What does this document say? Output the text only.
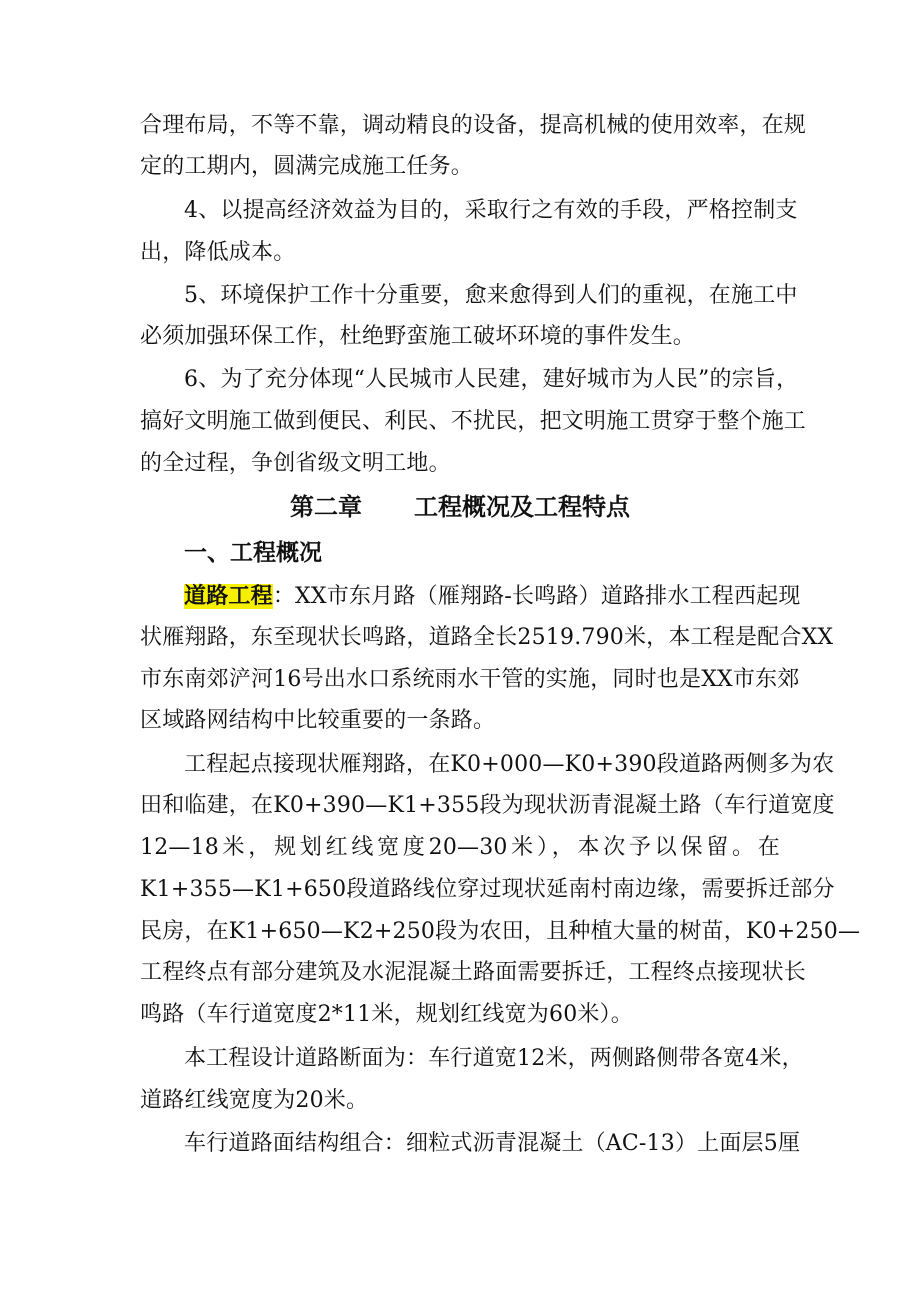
合理布局，不等不靠，调动精良的设备，提高机械的使用效率，在规
定的工期内，圆满完成施工任务。
4、以提高经济效益为目的，采取行之有效的手段，严格控制支
出，降低成本。
5、环境保护工作十分重要，愈来愈得到人们的重视，在施工中
必须加强环保工作，杜绝野蛮施工破坏环境的事件发生。
6、为了充分体现“人民城市人民建，建好城市为人民”的宗旨，
搞好文明施工做到便民、利民、不扰民，把文明施工贯穿于整个施工
的全过程，争创省级文明工地。
第二章 工程概况及工程特点
一、工程概况
道路工程：XX市东月路（雁翔路-长鸣路）道路排水工程西起现
状雁翔路，东至现状长鸣路，道路全长2519.790米，本工程是配合XX
市东南郊浐河16号出水口系统雨水干管的实施，同时也是XX市东郊
区域路网结构中比较重要的一条路。
工程起点接现状雁翔路，在K0+000—K0+390段道路两侧多为农
田和临建，在K0+390—K1+355段为现状沥青混凝土路（车行道宽度
12—18米，规划红线宽度20—30米），本次予以保留。在
K1+355—K1+650段道路线位穿过现状延南村南边缘，需要拆迁部分
民房，在K1+650—K2+250段为农田，且种植大量的树苗，K0+250—
工程终点有部分建筑及水泥混凝土路面需要拆迁，工程终点接现状长
鸣路（车行道宽度2*11米，规划红线宽为60米）。
本工程设计道路断面为：车行道宽12米，两侧路侧带各宽4米，
道路红线宽度为20米。
车行道路面结构组合：细粒式沥青混凝土（AC-13）上面层5厘
